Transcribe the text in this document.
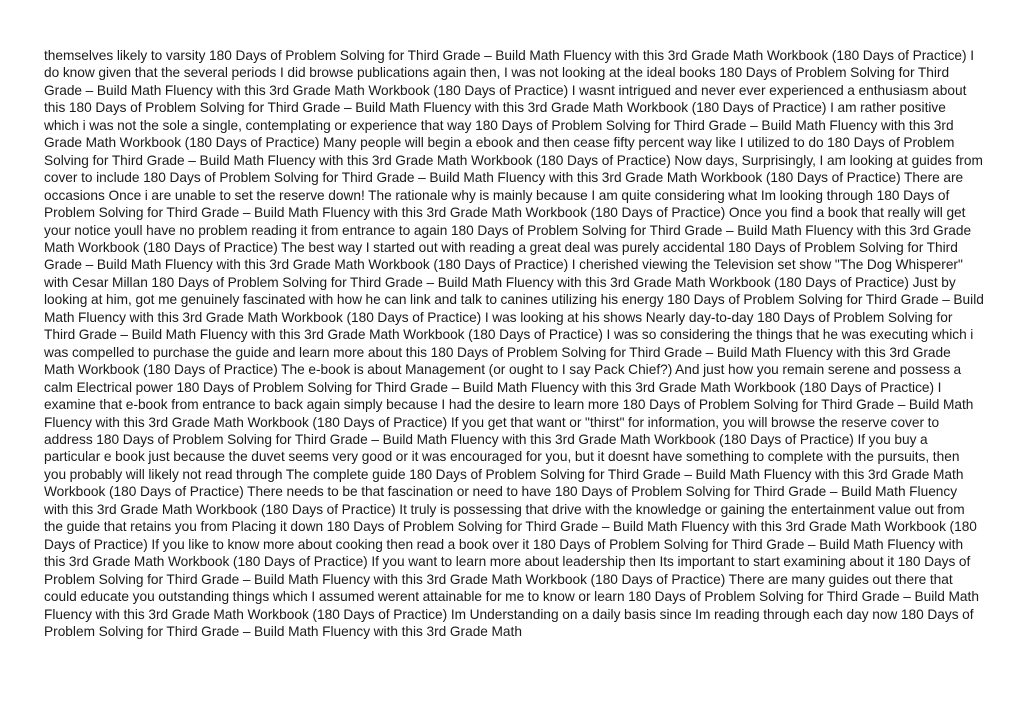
themselves likely to varsity 180 Days of Problem Solving for Third Grade – Build Math Fluency with this 3rd Grade Math Workbook (180 Days of Practice) I do know given that the several periods I did browse publications again then, I was not looking at the ideal books 180 Days of Problem Solving for Third Grade – Build Math Fluency with this 3rd Grade Math Workbook (180 Days of Practice) I wasnt intrigued and never ever experienced a enthusiasm about this 180 Days of Problem Solving for Third Grade – Build Math Fluency with this 3rd Grade Math Workbook (180 Days of Practice) I am rather positive which i was not the sole a single, contemplating or experience that way 180 Days of Problem Solving for Third Grade – Build Math Fluency with this 3rd Grade Math Workbook (180 Days of Practice) Many people will begin a ebook and then cease fifty percent way like I utilized to do 180 Days of Problem Solving for Third Grade – Build Math Fluency with this 3rd Grade Math Workbook (180 Days of Practice) Now days, Surprisingly, I am looking at guides from cover to include 180 Days of Problem Solving for Third Grade – Build Math Fluency with this 3rd Grade Math Workbook (180 Days of Practice) There are occasions Once i are unable to set the reserve down! The rationale why is mainly because I am quite considering what Im looking through 180 Days of Problem Solving for Third Grade – Build Math Fluency with this 3rd Grade Math Workbook (180 Days of Practice) Once you find a book that really will get your notice youll have no problem reading it from entrance to again 180 Days of Problem Solving for Third Grade – Build Math Fluency with this 3rd Grade Math Workbook (180 Days of Practice) The best way I started out with reading a great deal was purely accidental 180 Days of Problem Solving for Third Grade – Build Math Fluency with this 3rd Grade Math Workbook (180 Days of Practice) I cherished viewing the Television set show "The Dog Whisperer" with Cesar Millan 180 Days of Problem Solving for Third Grade – Build Math Fluency with this 3rd Grade Math Workbook (180 Days of Practice) Just by looking at him, got me genuinely fascinated with how he can link and talk to canines utilizing his energy 180 Days of Problem Solving for Third Grade – Build Math Fluency with this 3rd Grade Math Workbook (180 Days of Practice) I was looking at his shows Nearly day-to-day 180 Days of Problem Solving for Third Grade – Build Math Fluency with this 3rd Grade Math Workbook (180 Days of Practice) I was so considering the things that he was executing which i was compelled to purchase the guide and learn more about this 180 Days of Problem Solving for Third Grade – Build Math Fluency with this 3rd Grade Math Workbook (180 Days of Practice) The e-book is about Management (or ought to I say Pack Chief?) And just how you remain serene and possess a calm Electrical power 180 Days of Problem Solving for Third Grade – Build Math Fluency with this 3rd Grade Math Workbook (180 Days of Practice) I examine that e-book from entrance to back again simply because I had the desire to learn more 180 Days of Problem Solving for Third Grade – Build Math Fluency with this 3rd Grade Math Workbook (180 Days of Practice) If you get that want or "thirst" for information, you will browse the reserve cover to address 180 Days of Problem Solving for Third Grade – Build Math Fluency with this 3rd Grade Math Workbook (180 Days of Practice) If you buy a particular e book just because the duvet seems very good or it was encouraged for you, but it doesnt have something to complete with the pursuits, then you probably will likely not read through The complete guide 180 Days of Problem Solving for Third Grade – Build Math Fluency with this 3rd Grade Math Workbook (180 Days of Practice) There needs to be that fascination or need to have 180 Days of Problem Solving for Third Grade – Build Math Fluency with this 3rd Grade Math Workbook (180 Days of Practice) It truly is possessing that drive with the knowledge or gaining the entertainment value out from the guide that retains you from Placing it down 180 Days of Problem Solving for Third Grade – Build Math Fluency with this 3rd Grade Math Workbook (180 Days of Practice) If you like to know more about cooking then read a book over it 180 Days of Problem Solving for Third Grade – Build Math Fluency with this 3rd Grade Math Workbook (180 Days of Practice) If you want to learn more about leadership then Its important to start examining about it 180 Days of Problem Solving for Third Grade – Build Math Fluency with this 3rd Grade Math Workbook (180 Days of Practice) There are many guides out there that could educate you outstanding things which I assumed werent attainable for me to know or learn 180 Days of Problem Solving for Third Grade – Build Math Fluency with this 3rd Grade Math Workbook (180 Days of Practice) Im Understanding on a daily basis since Im reading through each day now 180 Days of Problem Solving for Third Grade – Build Math Fluency with this 3rd Grade Math
